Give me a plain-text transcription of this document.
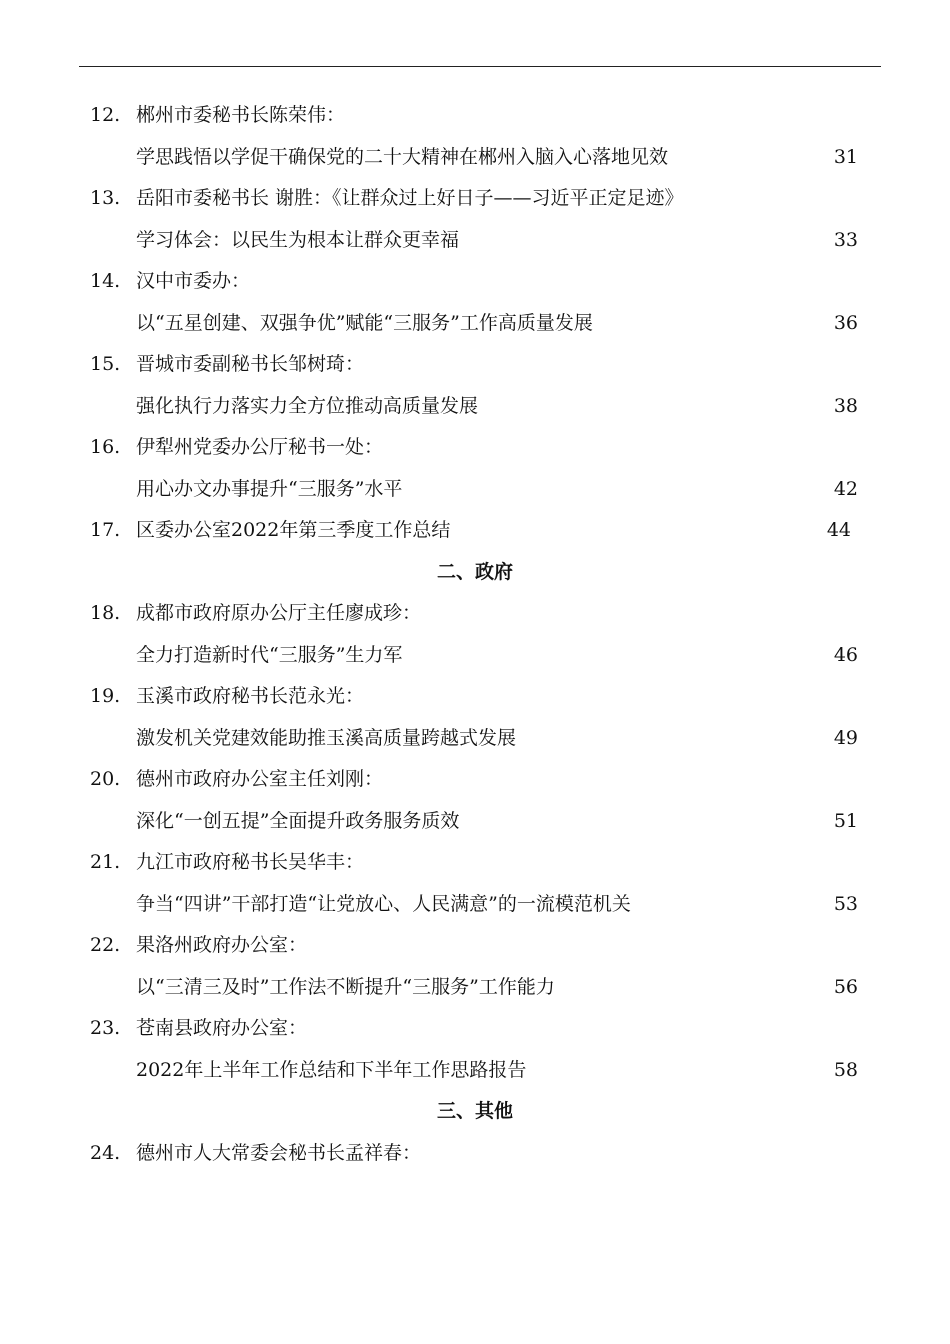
12. 郴州市委秘书长陈荣伟：
学思践悟以学促干确保党的二十大精神在郴州入脑入心落地见效	31
13. 岳阳市委秘书长 谢胜：《让群众过上好日子——习近平正定足迹》
学习体会：以民生为根本让群众更幸福	33
14. 汉中市委办：
以“五星创建、双强争优”赋能“三服务”工作高质量发展	36
15. 晋城市委副秘书长邹树琦：
强化执行力落实力全方位推动高质量发展	38
16. 伊犁州党委办公厅秘书一处：
用心办文办事提升“三服务”水平	42
17. 区委办公室2022年第三季度工作总结	44
二、政府
18. 成都市政府原办公厅主任廖成珍：
全力打造新时代“三服务”生力军	46
19. 玉溪市政府秘书长范永光：
激发机关党建效能助推玉溪高质量跨越式发展	49
20. 德州市政府办公室主任刘刚：
深化“一创五提”全面提升政务服务质效	51
21. 九江市政府秘书长吴华丰：
争当“四讲”干部打造“让党放心、人民满意”的一流模范机关	53
22. 果洛州政府办公室：
以“三清三及时”工作法不断提升“三服务”工作能力	56
23. 苍南县政府办公室：
2022年上半年工作总结和下半年工作思路报告	58
三、其他
24. 德州市人大常委会秘书长孟祥春：
